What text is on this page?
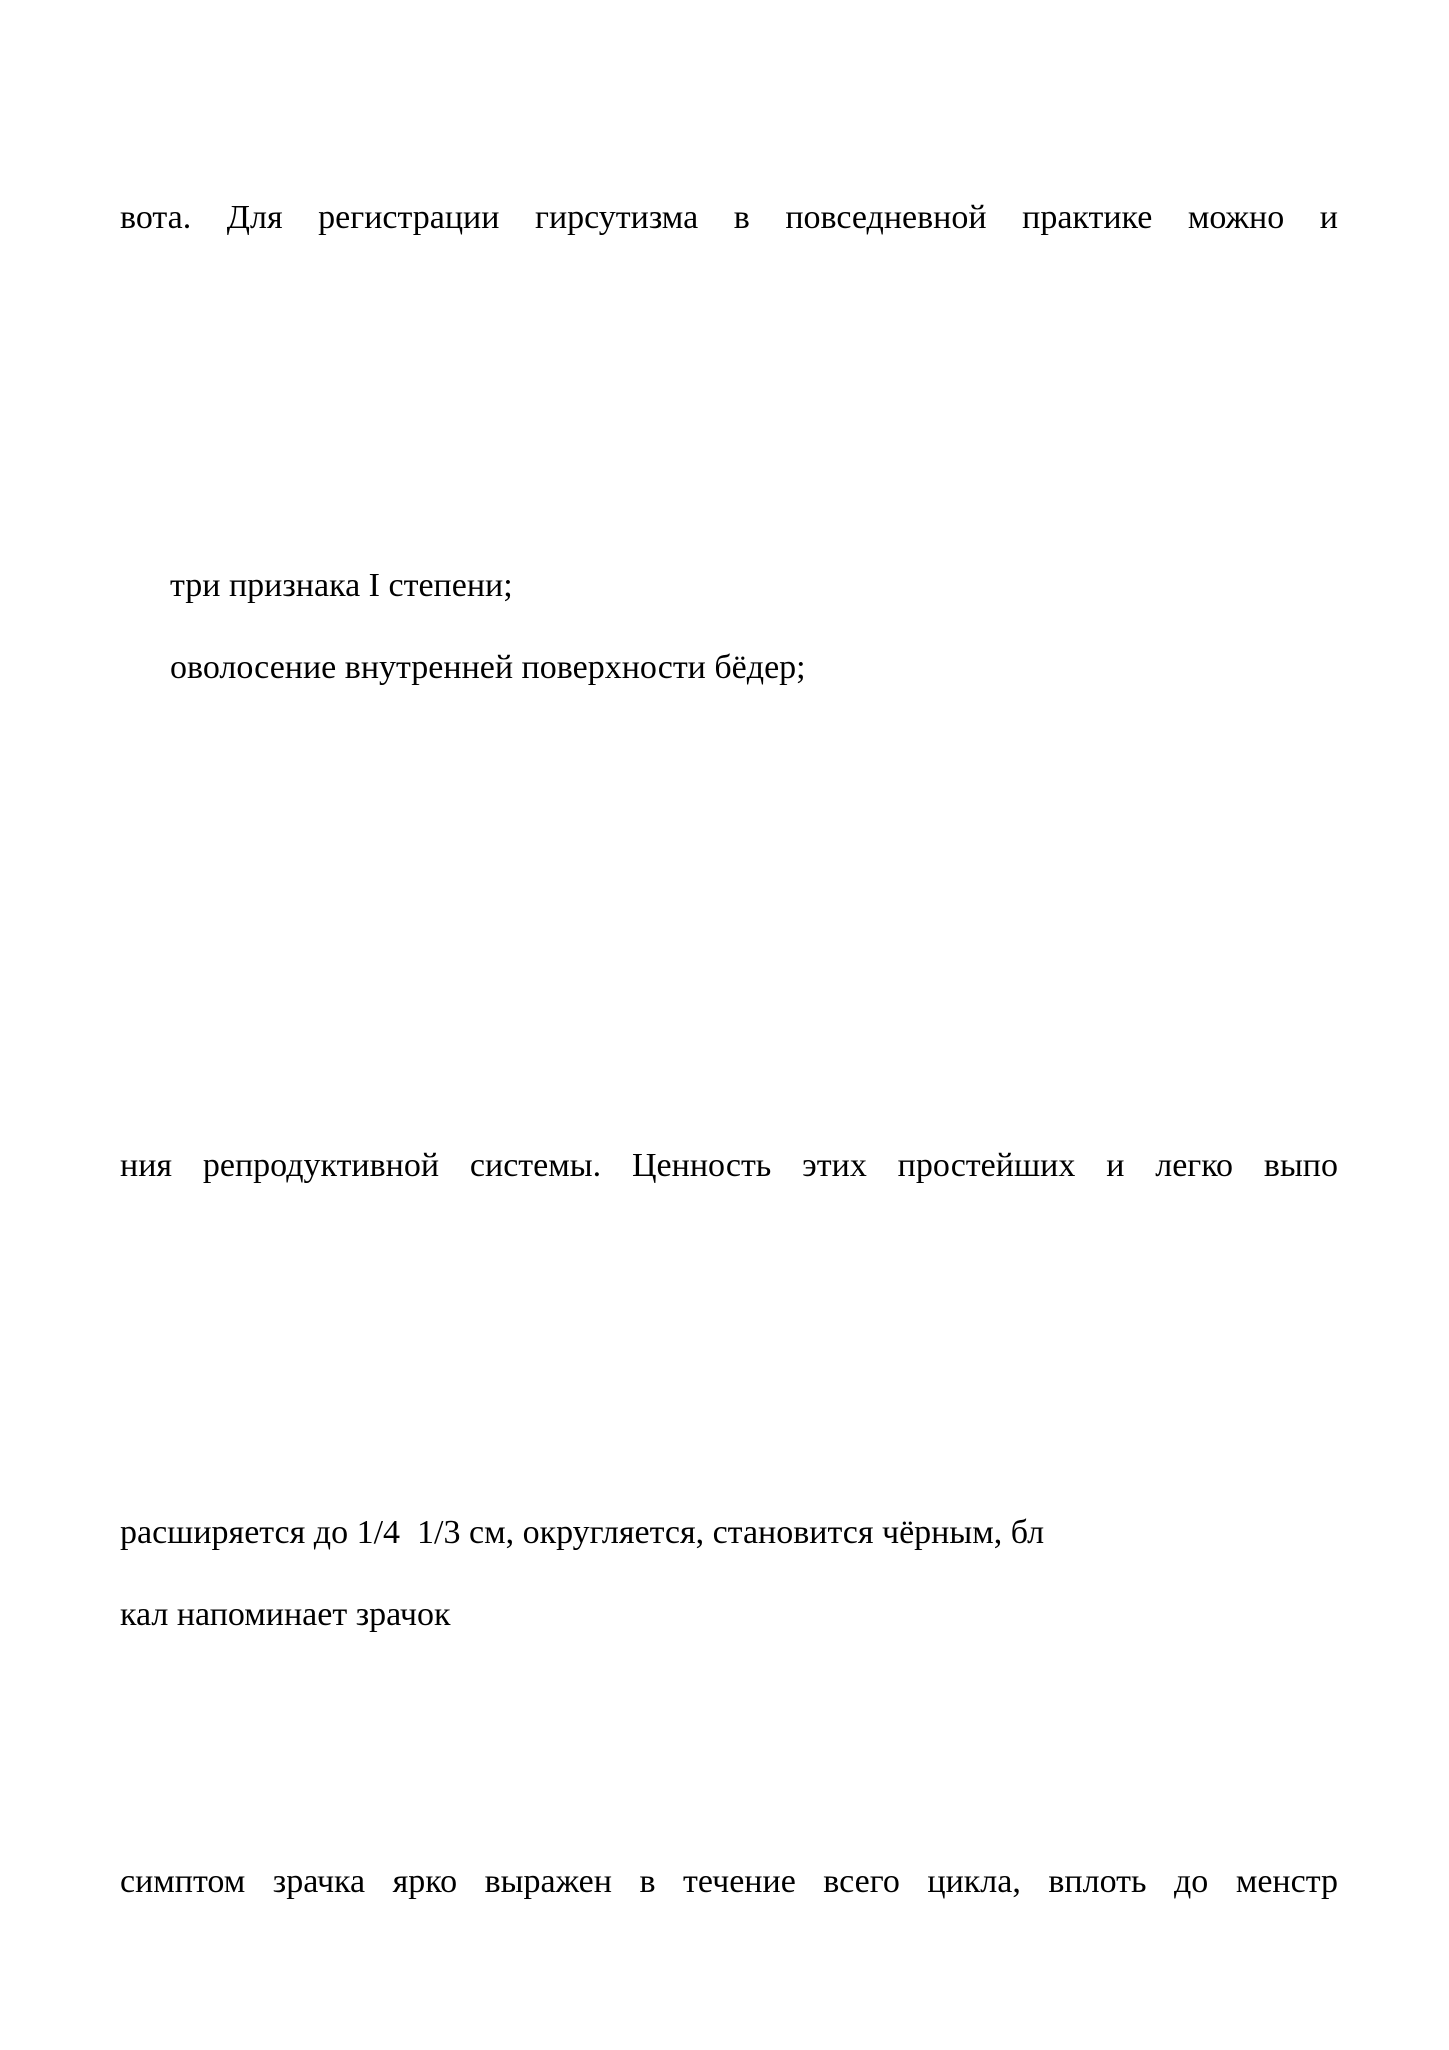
вота. Для регистрации гирсутизма в повседневной практике можно и

три признака I степени;

оволосение внутренней поверхности бёдер;

ния репродуктивной системы. Ценность этих простейших и легко выпо

расширяется до 1/4  1/3 см, округляется, становится чёрным, бл

кал напоминает зрачок

симптом зрачка ярко выражен в течение всего цикла, вплоть до менстр
